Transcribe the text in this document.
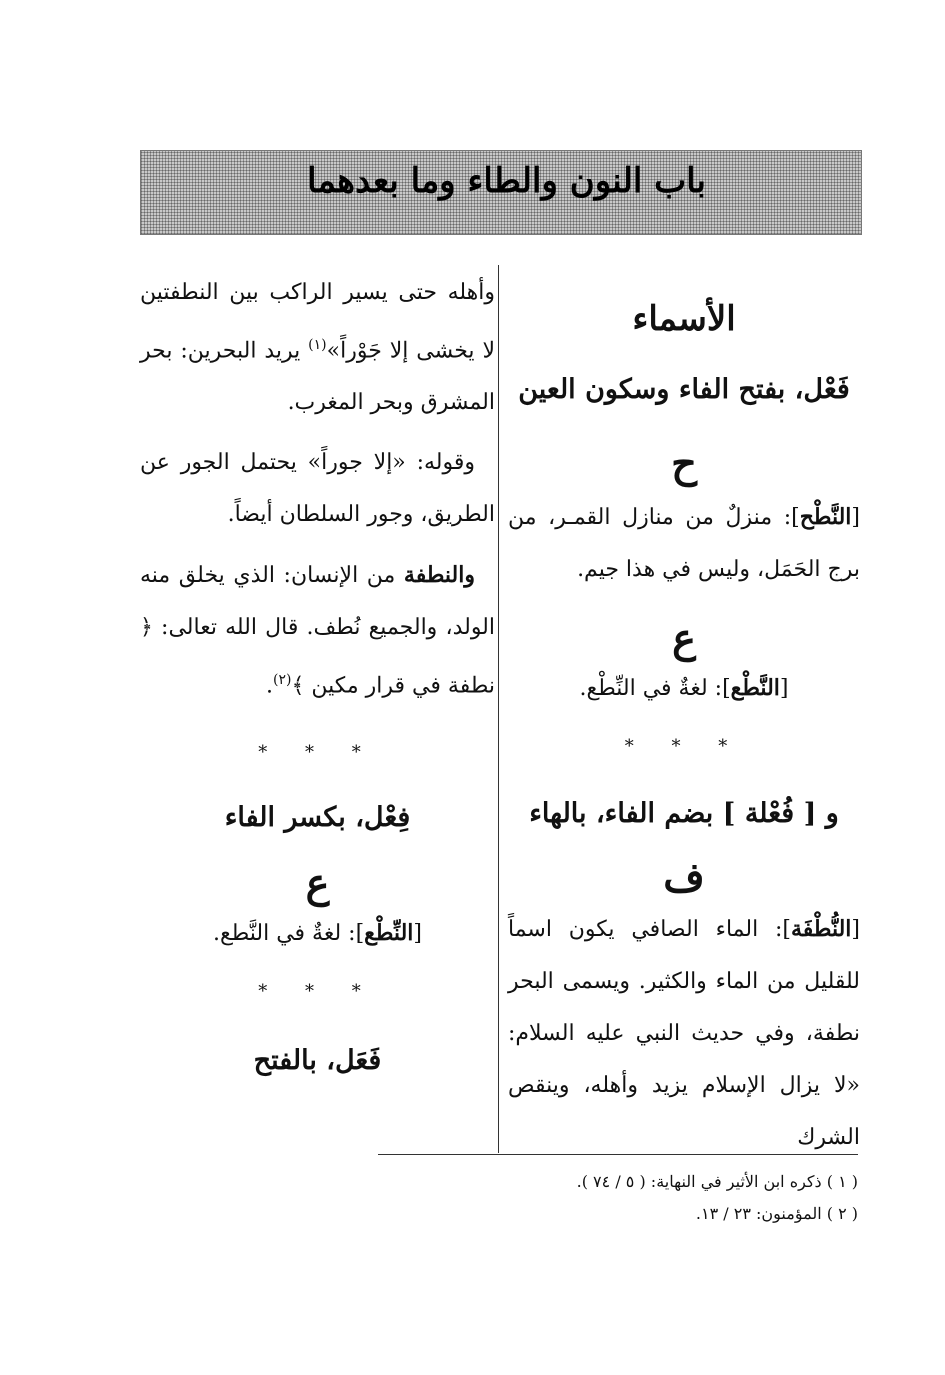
باب النون والطاء وما بعدهما
الأسماء
فَعْل، بفتح الفاء وسكون العين
ح

[النَّطْح]: منزلٌ من منازل القمـر، من برج الحَمَل، وليس في هذا جيم.

ع

[النَّطْع]: لغةٌ في النِّطْع.

* * *
و [ فُعْلة ] بضم الفاء، بالهاء
ف

[النُّطْفَة]: الماء الصافي يكون اسماً للقليل من الماء والكثير. ويسمى البحر نطفة، وفي حديث النبي عليه السلام: «لا يزال الإسلام يزيد وأهله، وينقص الشرك

وأهله حتى يسير الراكب بين النطفتين لا يخشى إلا جَوْراً»$^{(١)}$ يريد البحرين: بحر المشرق وبحر المغرب.

وقوله: «إلا جوراً» يحتمل الجور عن الطريق، وجور السلطان أيضاً.

والنطفة من الإنسان: الذي يخلق منه الولد، والجميع نُطف. قال الله تعالى: ﴿ نطفة في قرار مكين ﴾$^{(٢)}$.

* * *
فِعْل، بكسر الفاء
ع

[النِّطْع]: لغةٌ في النَّطع.

* * *
فَعَل، بالفتح

( ١ ) ذكره ابن الأثير في النهاية: ( ٥ / ٧٤ ).

( ٢ ) المؤمنون: ٢٣ / ١٣.
